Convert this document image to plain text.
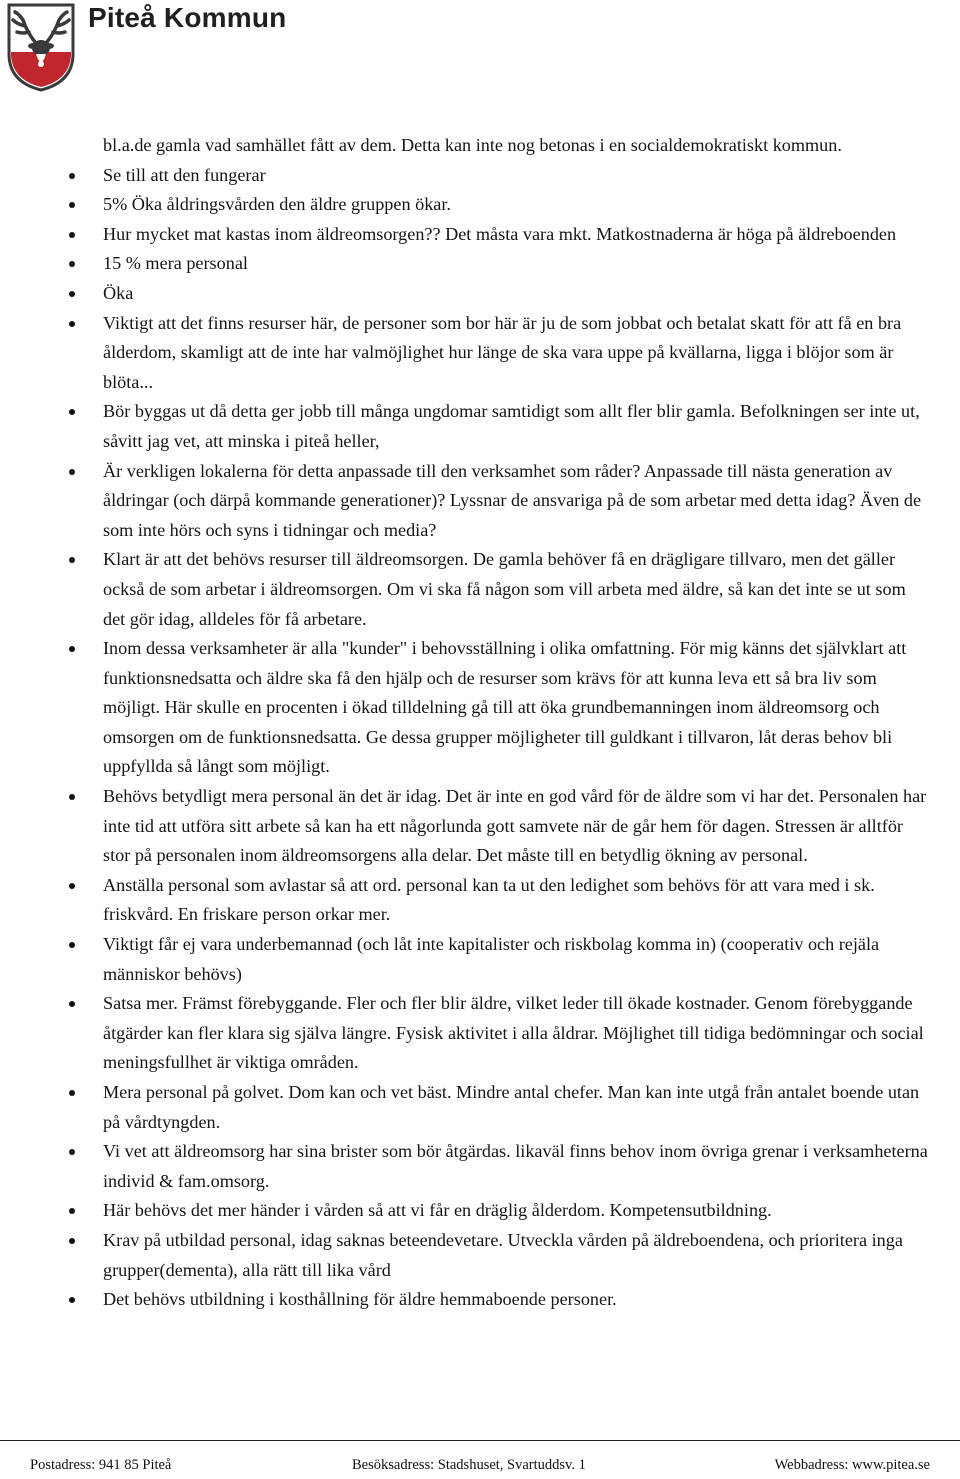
Piteå Kommun

bl.a.de gamla vad samhället fått av dem. Detta kan inte nog betonas i en socialdemokratiskt kommun.

Se till att den fungerar
5% Öka åldringsvården den äldre gruppen ökar.
Hur mycket mat kastas inom äldreomsorgen?? Det måsta vara mkt. Matkostnaderna är höga på äldreboenden
15 % mera personal
Öka
Viktigt att det finns resurser här, de personer som bor här är ju de som jobbat och betalat skatt för att få en bra ålderdom, skamligt att de inte har valmöjlighet hur länge de ska vara uppe på kvällarna, ligga i blöjor som är blöta...
Bör byggas ut då detta ger jobb till många ungdomar samtidigt som allt fler blir gamla. Befolkningen ser inte ut, såvitt jag vet, att minska i piteå heller,
Är verkligen lokalerna för detta anpassade till den verksamhet som råder? Anpassade till nästa generation av åldringar (och därpå kommande generationer)? Lyssnar de ansvariga på de som arbetar med detta idag? Även de som inte hörs och syns i tidningar och media?
Klart är att det behövs resurser till äldreomsorgen. De gamla behöver få en drägligare tillvaro, men det gäller också de som arbetar i äldreomsorgen. Om vi ska få någon som vill arbeta med äldre, så kan det inte se ut som det gör idag, alldeles för få arbetare.
Inom dessa verksamheter är alla "kunder" i behovsställning i olika omfattning. För mig känns det självklart att funktionsnedsatta och äldre ska få den hjälp och de resurser som krävs för att kunna leva ett så bra liv som möjligt. Här skulle en procenten i ökad tilldelning gå till att öka grundbemanningen inom äldreomsorg och omsorgen om de funktionsnedsatta. Ge dessa grupper möjligheter till guldkant i tillvaron, låt deras behov bli uppfyllda så långt som möjligt.
Behövs betydligt mera personal än det är idag. Det är inte en god vård för de äldre som vi har det. Personalen har inte tid att utföra sitt arbete så kan ha ett någorlunda gott samvete när de går hem för dagen. Stressen är alltför stor på personalen inom äldreomsorgens alla delar. Det måste till en betydlig ökning av personal.
Anställa personal som avlastar så att ord. personal kan ta ut den ledighet som behövs för att vara med i sk. friskvård. En friskare person orkar mer.
Viktigt får ej vara underbemannad (och låt inte kapitalister och riskbolag komma in) (cooperativ och rejäla människor behövs)
Satsa mer. Främst förebyggande. Fler och fler blir äldre, vilket leder till ökade kostnader. Genom förebyggande åtgärder kan fler klara sig själva längre. Fysisk aktivitet i alla åldrar. Möjlighet till tidiga bedömningar och social meningsfullhet är viktiga områden.
Mera personal på golvet. Dom kan och vet bäst. Mindre antal chefer. Man kan inte utgå från antalet boende utan på vårdtyngden.
Vi vet att äldreomsorg har sina brister som bör åtgärdas. likaväl finns behov inom övriga grenar i verksamheterna individ & fam.omsorg.
Här behövs det mer händer i vården så att vi får en dräglig ålderdom. Kompetensutbildning.
Krav på utbildad personal, idag saknas beteendevetare. Utveckla vården på äldreboendena, och prioritera inga grupper(dementa), alla rätt till lika vård
Det behövs utbildning i kosthållning för äldre hemmaboende personer.
Postadress: 941 85 Piteå	Besöksadress: Stadshuset, Svartuddsv. 1	Webbadress: www.pitea.se
